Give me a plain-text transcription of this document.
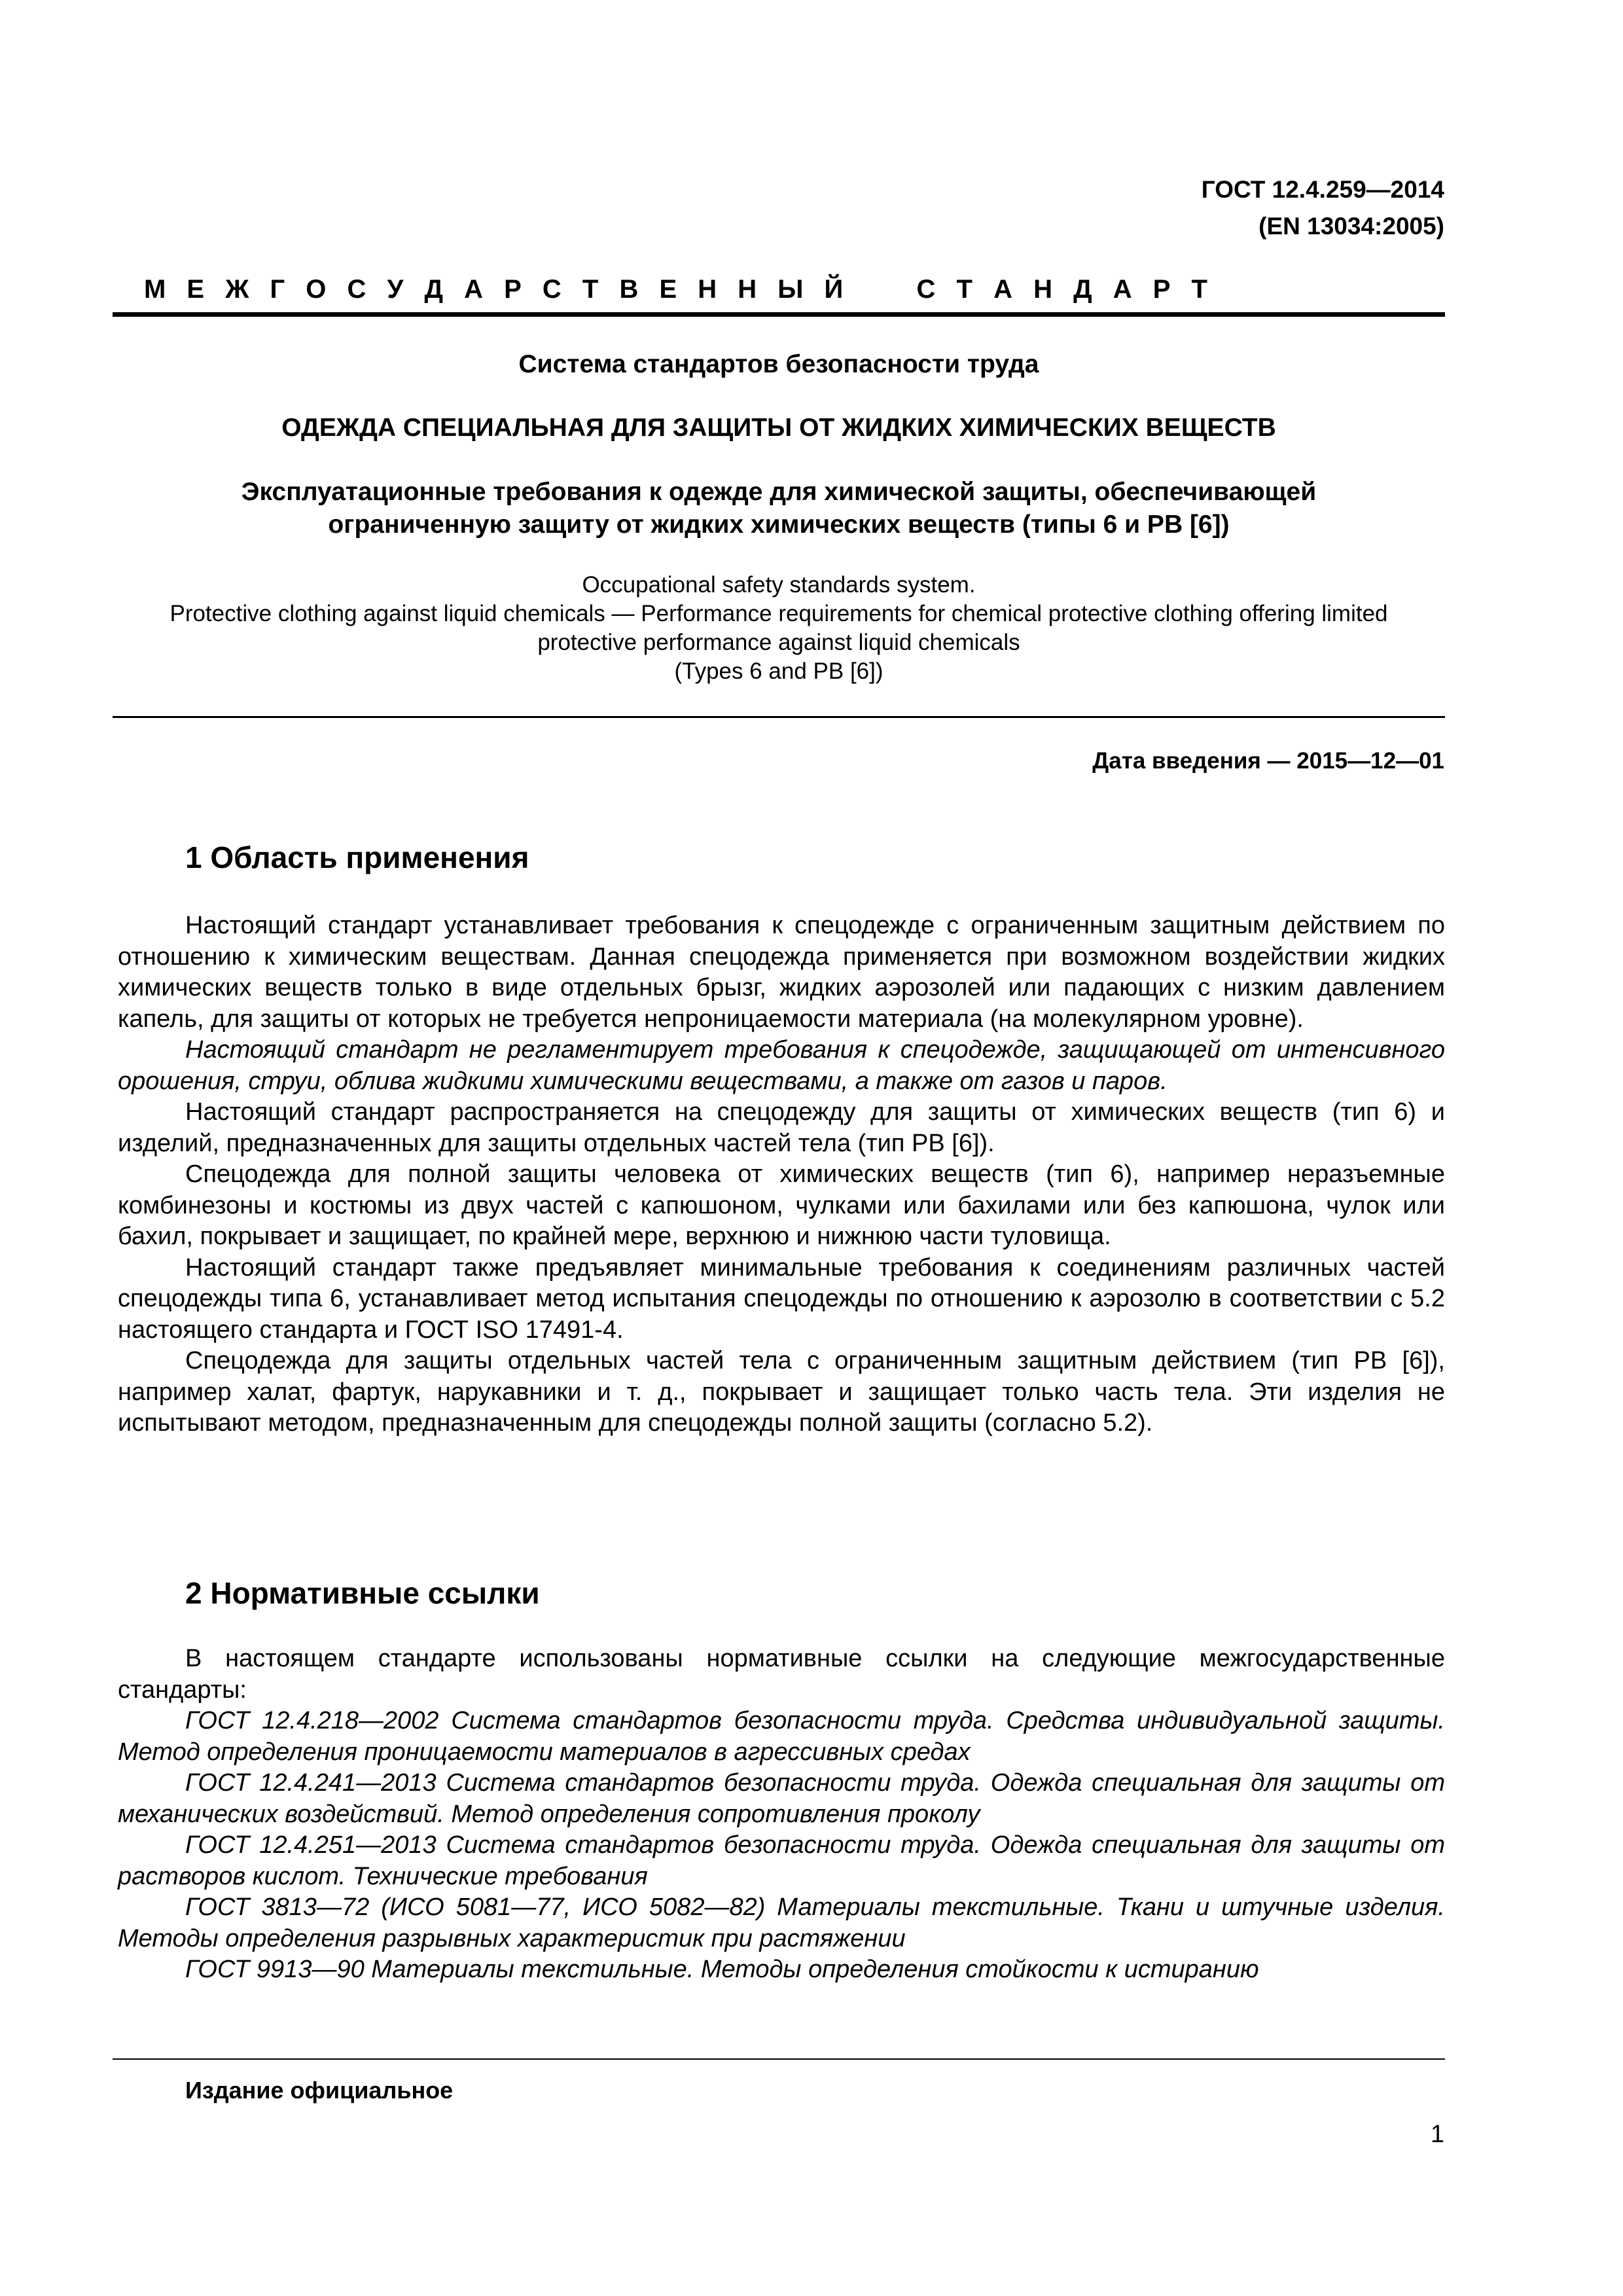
ГОСТ 12.4.259—2014
(EN 13034:2005)
М Е Ж Г О С У Д А Р С Т В Е Н Н Ы Й	С Т А Н Д А Р Т
Система стандартов безопасности труда
ОДЕЖДА СПЕЦИАЛЬНАЯ ДЛЯ ЗАЩИТЫ ОТ ЖИДКИХ ХИМИЧЕСКИХ ВЕЩЕСТВ
Эксплуатационные требования к одежде для химической защиты, обеспечивающей
ограниченную защиту от жидких химических веществ (типы 6 и PB [6])
Occupational safety standards system.
Protective clothing against liquid chemicals — Performance requirements for chemical protective clothing offering limited
protective performance against liquid chemicals
(Types 6 and PB [6])
Дата введения — 2015—12—01
1 Область применения

Настоящий стандарт устанавливает требования к спецодежде с ограниченным защитным действием по отношению к химическим веществам. Данная спецодежда применяется при возможном воздействии жидких химических веществ только в виде отдельных брызг, жидких аэрозолей или падающих с низким давлением капель, для защиты от которых не требуется непроницаемости материала (на молекулярном уровне).

Настоящий стандарт не регламентирует требования к спецодежде, защищающей от интенсивного орошения, струи, облива жидкими химическими веществами, а также от газов и паров.

Настоящий стандарт распространяется на спецодежду для защиты от химических веществ (тип 6) и изделий, предназначенных для защиты отдельных частей тела (тип PB [6]).

Спецодежда для полной защиты человека от химических веществ (тип 6), например неразъемные комбинезоны и костюмы из двух частей с капюшоном, чулками или бахилами или без капюшона, чулок или бахил, покрывает и защищает, по крайней мере, верхнюю и нижнюю части туловища.

Настоящий стандарт также предъявляет минимальные требования к соединениям различных частей спецодежды типа 6, устанавливает метод испытания спецодежды по отношению к аэрозолю в соответствии с 5.2 настоящего стандарта и ГОСТ ISO 17491-4.

Спецодежда для защиты отдельных частей тела с ограниченным защитным действием (тип PB [6]), например халат, фартук, нарукавники и т. д., покрывает и защищает только часть тела. Эти изделия не испытывают методом, предназначенным для спецодежды полной защиты (согласно 5.2).

2 Нормативные ссылки

В настоящем стандарте использованы нормативные ссылки на следующие межгосударственные стандарты:

ГОСТ 12.4.218—2002 Система стандартов безопасности труда. Средства индивидуальной защиты. Метод определения проницаемости материалов в агрессивных средах

ГОСТ 12.4.241—2013 Система стандартов безопасности труда. Одежда специальная для защиты от механических воздействий. Метод определения сопротивления проколу

ГОСТ 12.4.251—2013 Система стандартов безопасности труда. Одежда специальная для защиты от растворов кислот. Технические требования

ГОСТ 3813—72 (ИСО 5081—77, ИСО 5082—82) Материалы текстильные. Ткани и штучные изделия. Методы определения разрывных характеристик при растяжении

ГОСТ 9913—90 Материалы текстильные. Методы определения стойкости к истиранию

Издание официальное
1
